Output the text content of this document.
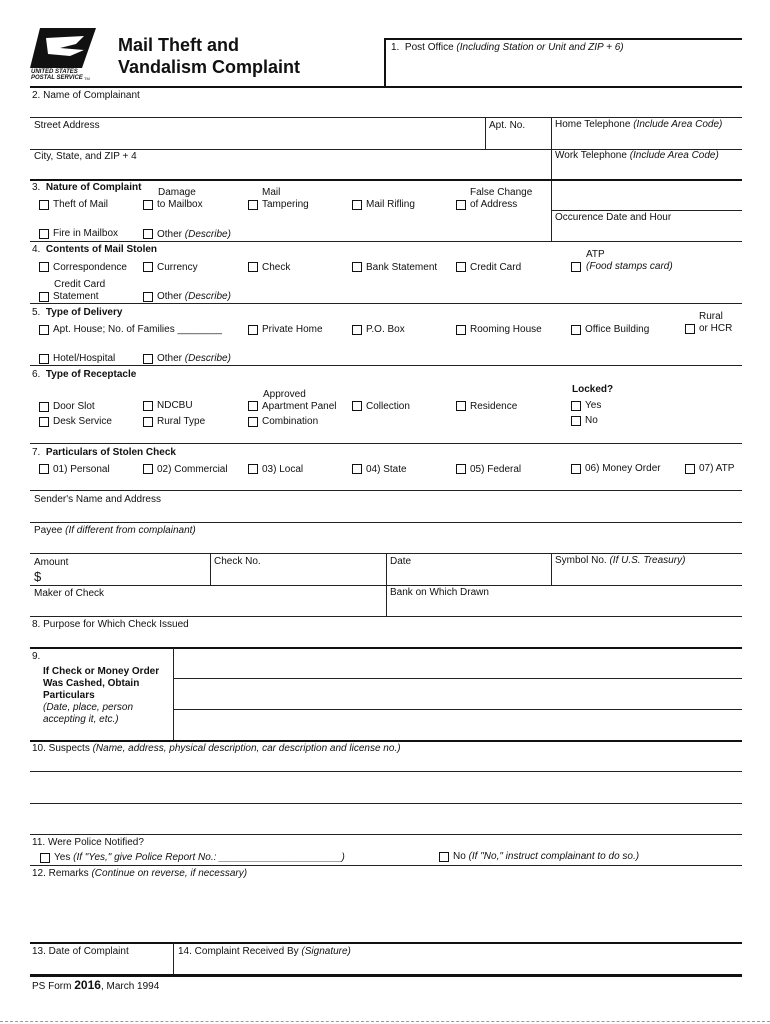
UNITED STATES
POSTAL SERVICE TM
Mail Theft and
Vandalism Complaint
1. Post Office (Including Station or Unit and ZIP + 6)
2. Name of Complainant
Street Address	Apt. No.	Home Telephone (Include Area Code)
City, State, and ZIP + 4	Work Telephone (Include Area Code)
3. Nature of Complaint Damage	Mail	False Change
Theft of Mail	to Mailbox	Tampering	Mail Rifling	of Address
Occurence Date and Hour
Fire in Mailbox	Other (Describe)
4. Contents of Mail Stolen	ATP
Correspondence	Currency	Check	Bank Statement	Credit Card	(Food stamps card)
Credit Card
Statement	Other (Describe)
5. Type of Delivery	Rural
Apt. House; No. of Families ________	Private Home	P.O. Box	Rooming House	Office Building	or HCR
Hotel/Hospital	Other (Describe)
6. Type of Receptacle
Locked?
Approved
Door Slot	NDCBU	Apartment Panel	Collection	Residence	Yes
Desk Service	Rural Type	Combination	No
7. Particulars of Stolen Check
01) Personal	02) Commercial	03) Local	04) State	05) Federal	06) Money Order	07) ATP
Sender's Name and Address
Payee (If different from complainant)
Amount
$
Check No.	Date	Symbol No. (If U.S. Treasury)
Maker of Check	Bank on Which Drawn
8. Purpose for Which Check Issued
9.
If Check or Money Order
Was Cashed, Obtain
Particulars
(Date, place, person
accepting it, etc.)
10. Suspects (Name, address, physical description, car description and license no.)
11. Were Police Notified?
Yes (If "Yes," give Police Report No.: ______________________)	No (If "No," instruct complainant to do so.)
12. Remarks (Continue on reverse, if necessary)
13. Date of Complaint	14. Complaint Received By (Signature)
PS Form 2016, March 1994
